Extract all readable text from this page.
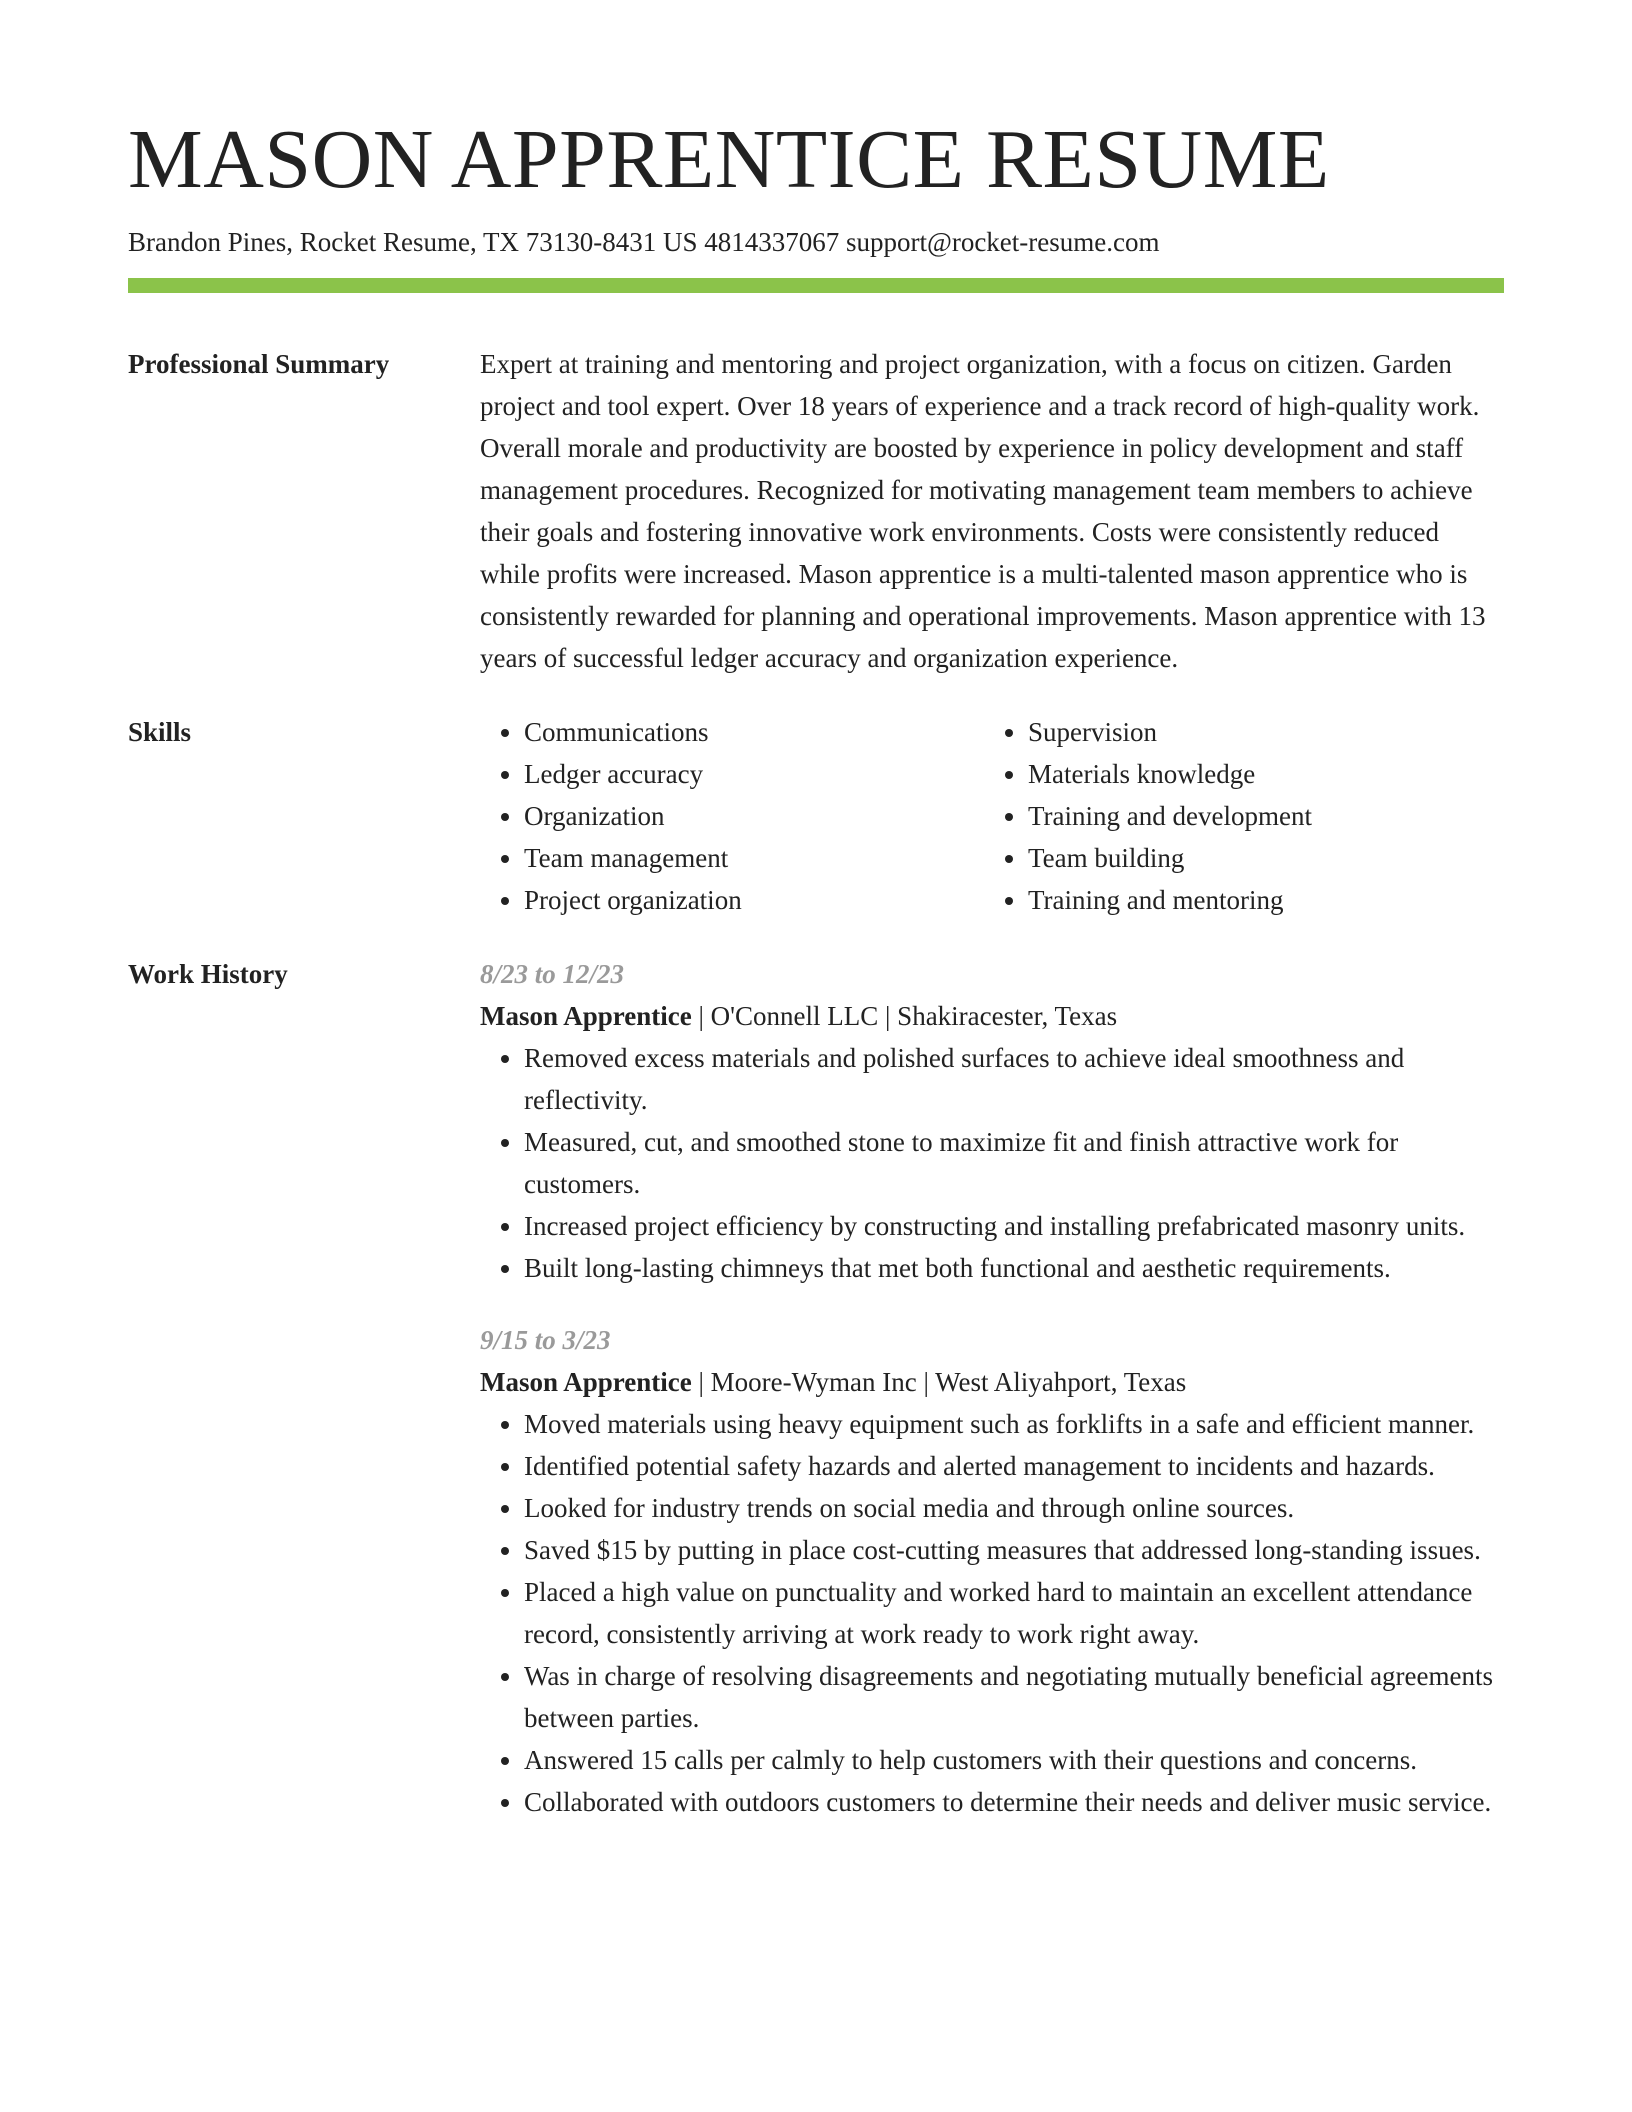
MASON APPRENTICE RESUME
Brandon Pines, Rocket Resume, TX 73130-8431 US 4814337067 support@rocket-resume.com
Professional Summary	Expert at training and mentoring and project organization, with a focus on citizen. Garden project and tool expert. Over 18 years of experience and a track record of high-quality work. Overall morale and productivity are boosted by experience in policy development and staff management procedures. Recognized for motivating management team members to achieve their goals and fostering innovative work environments. Costs were consistently reduced while profits were increased. Mason apprentice is a multi-talented mason apprentice who is consistently rewarded for planning and operational improvements. Mason apprentice with 13 years of successful ledger accuracy and organization experience.
Skills
•	Communications
• Ledger accuracy
• Organization
• Team management
• Project organization
• Supervision
• Materials knowledge
• Training and development
• Team building
• Training and mentoring
Work History	8/23 to 12/23
Mason Apprentice | O'Connell LLC | Shakiracester, Texas
• Removed excess materials and polished surfaces to achieve ideal smoothness and reflectivity.
• Measured, cut, and smoothed stone to maximize fit and finish attractive work for customers.
• Increased project efficiency by constructing and installing prefabricated masonry units.
• Built long-lasting chimneys that met both functional and aesthetic requirements.
9/15 to 3/23
Mason Apprentice | Moore-Wyman Inc | West Aliyahport, Texas
• Moved materials using heavy equipment such as forklifts in a safe and efficient manner.
• Identified potential safety hazards and alerted management to incidents and hazards.
• Looked for industry trends on social media and through online sources.
• Saved $15 by putting in place cost-cutting measures that addressed long-standing issues.
• Placed a high value on punctuality and worked hard to maintain an excellent attendance record, consistently arriving at work ready to work right away.
• Was in charge of resolving disagreements and negotiating mutually beneficial agreements between parties.
• Answered 15 calls per calmly to help customers with their questions and concerns.
• Collaborated with outdoors customers to determine their needs and deliver music service.
